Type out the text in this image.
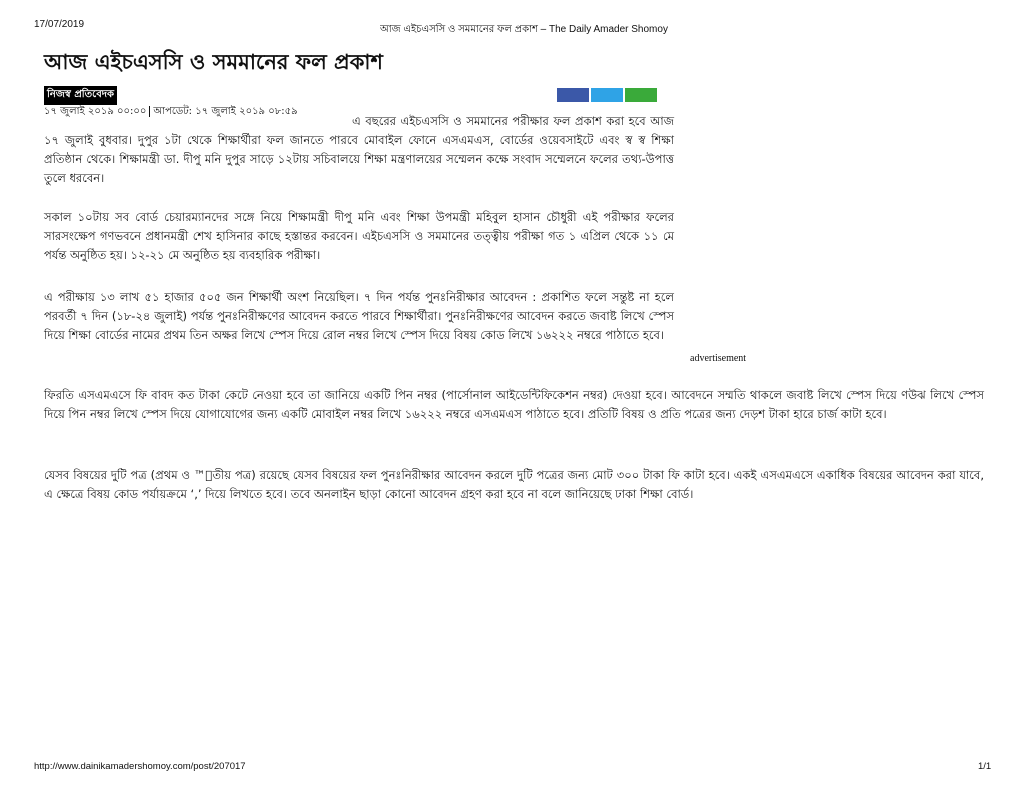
17/07/2019	আজ এইচএসসি ও সমমানের ফল প্রকাশ – The Daily Amader Shomoy
আজ এইচএসসি ও সমমানের ফল প্রকাশ
নিজস্ব প্রতিবেদক
১৭ জুলাই ২০১৯ ০০:০০ আপডেট: ১৭ জুলাই ২০১৯ ০৮:৫৯

এ বছরের এইচএসসি ও সমমানের পরীক্ষার ফল প্রকাশ করা হবে আজ ১৭ জুলাই বুধবার। দুপুর ১টা থেকে শিক্ষার্থীরা ফল জানতে পারবে মোবাইল ফোনে এসএমএস, বোর্ডের ওয়েবসাইটে এবং স্ব স্ব শিক্ষা প্রতিষ্ঠান থেকে। শিক্ষামন্ত্রী ডা. দীপু মনি দুপুর সাড়ে ১২টায় সচিবালয়ে শিক্ষা মন্ত্রণালয়ের সম্মেলন কক্ষে সংবাদ সম্মেলনে ফলের তথ্য-উপাত্ত তুলে ধরবেন।

সকাল ১০টায় সব বোর্ড চেয়ারম্যানদের সঙ্গে নিয়ে শিক্ষামন্ত্রী দীপু মনি এবং শিক্ষা উপমন্ত্রী মহিবুল হাসান চৌধুরী এই পরীক্ষার ফলের সারসংক্ষেপ গণভবনে প্রধানমন্ত্রী শেখ হাসিনার কাছে হস্তান্তর করবেন। এইচএসসি ও সমমানের তত্ত্বীয় পরীক্ষা গত ১ এপ্রিল থেকে ১১ মে পর্যন্ত অনুষ্ঠিত হয়। ১২-২১ মে অনুষ্ঠিত হয় ব্যবহারিক পরীক্ষা।

এ পরীক্ষায় ১৩ লাখ ৫১ হাজার ৫০৫ জন শিক্ষার্থী অংশ নিয়েছিল। ৭ দিন পর্যন্ত পুনঃনিরীক্ষার আবেদন : প্রকাশিত ফলে সন্তুষ্ট না হলে পরবর্তী ৭ দিন (১৮-২৪ জুলাই) পর্যন্ত পুনঃনিরীক্ষণের আবেদন করতে পারবে শিক্ষার্থীরা। পুনঃনিরীক্ষণের আবেদন করতে জবাষ্ট লিখে স্পেস দিয়ে শিক্ষা বোর্ডের নামের প্রথম তিন অক্ষর লিখে স্পেস দিয়ে রোল নম্বর লিখে স্পেস দিয়ে বিষয় কোড লিখে ১৬২২২ নম্বরে পাঠাতে হবে।

advertisement

ফিরতি এসএমএসে ফি বাবদ কত টাকা কেটে নেওয়া হবে তা জানিয়ে একটি পিন নম্বর (পার্সোনাল আইডেন্টিফিকেশন নম্বর) দেওয়া হবে। আবেদনে সম্মতি থাকলে জবাষ্ট লিখে স্পেস দিয়ে ণউঝ লিখে স্পেস দিয়ে পিন নম্বর লিখে স্পেস দিয়ে যোগাযোগের জন্য একটি মোবাইল নম্বর লিখে ১৬২২২ নম্বরে এসএমএস পাঠাতে হবে। প্রতিটি বিষয় ও প্রতি পত্রের জন্য দেড়শ টাকা হারে চার্জ কাটা হবে।

যেসব বিষয়ের দুটি পত্র (প্রথম ও ™িতীয় পত্র) রয়েছে যেসব বিষয়ের ফল পুনঃনিরীক্ষার আবেদন করলে দুটি পত্রের জন্য মোট ৩০০ টাকা ফি কাটা হবে। একই এসএমএসে একাধিক বিষয়ের আবেদন করা যাবে, এ ক্ষেত্রে বিষয় কোড পর্যায়ক্রমে ‘,’ দিয়ে লিখতে হবে। তবে অনলাইন ছাড়া কোনো আবেদন গ্রহণ করা হবে না বলে জানিয়েছে ঢাকা শিক্ষা বোর্ড।

http://www.dainikamadershomoy.com/post/207017	1/1
